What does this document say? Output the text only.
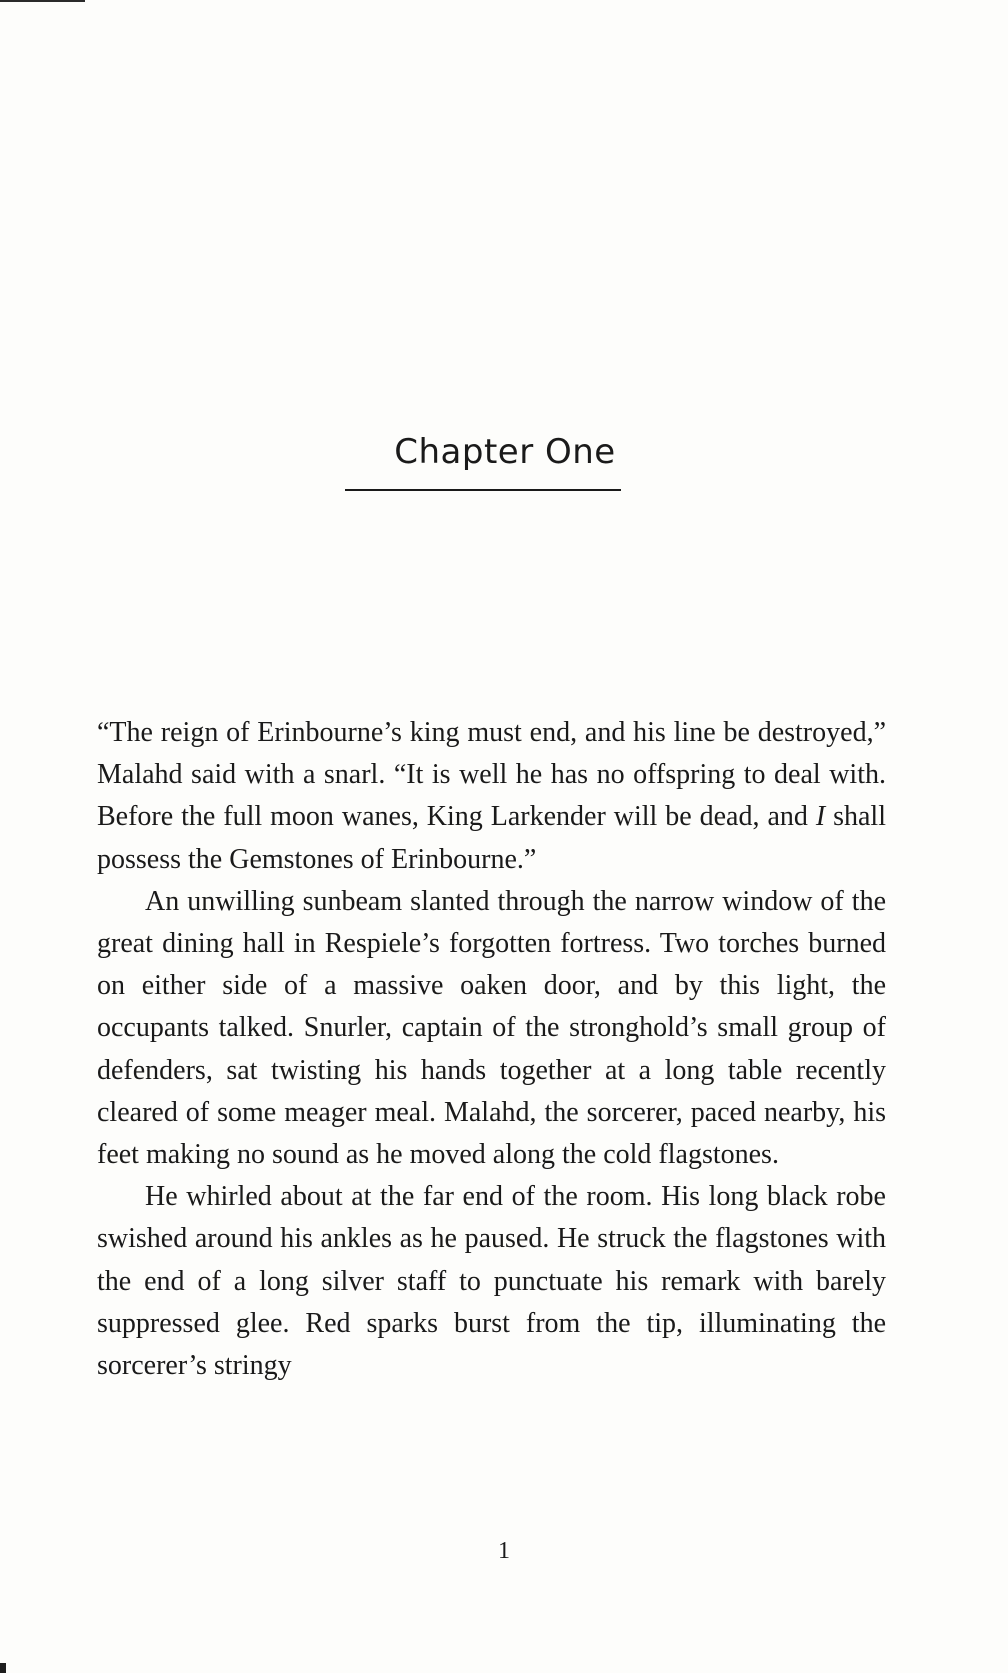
Chapter One

“The reign of Erinbourne’s king must end, and his line be destroyed,” Malahd said with a snarl. “It is well he has no offspring to deal with. Before the full moon wanes, King Larkender will be dead, and I shall possess the Gemstones of Erinbourne.”

An unwilling sunbeam slanted through the narrow window of the great dining hall in Respiele’s forgotten fortress. Two torches burned on either side of a massive oaken door, and by this light, the occupants talked. Snurler, captain of the stronghold’s small group of defenders, sat twisting his hands together at a long table recently cleared of some meager meal. Malahd, the sorcerer, paced nearby, his feet making no sound as he moved along the cold flagstones.

He whirled about at the far end of the room. His long black robe swished around his ankles as he paused. He struck the flagstones with the end of a long silver staff to punctuate his remark with barely suppressed glee. Red sparks burst from the tip, illuminating the sorcerer’s stringy

1
